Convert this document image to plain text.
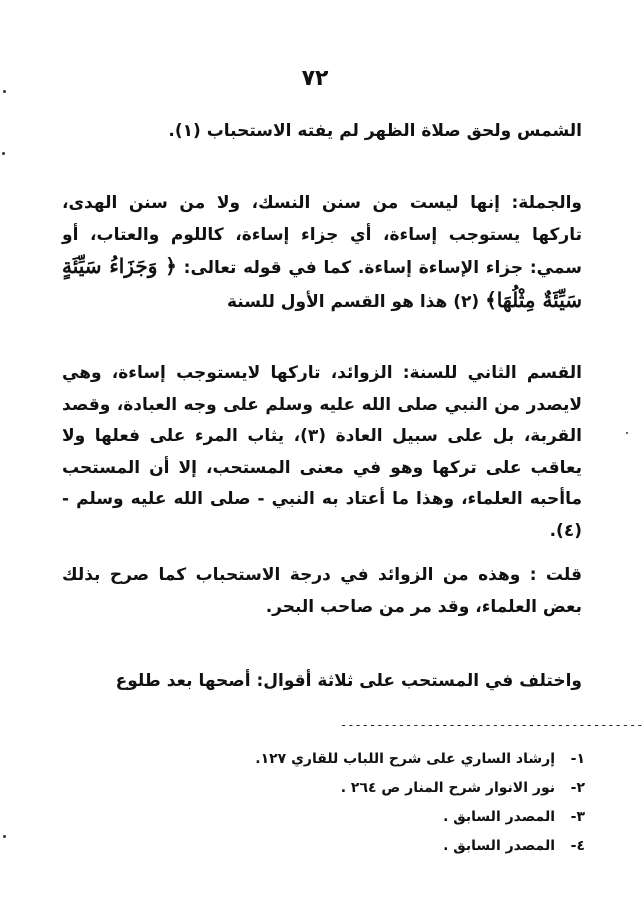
٧٢
الشمس ولحق صلاة الظهر لم يفته الاستحباب (١).
والجملة: إنها ليست من سنن النسك، ولا من سنن الهدى، تاركها يستوجب إساءة، أي جزاء إساءة، كاللوم والعتاب، أو سمي: جزاء الإساءة إساءة. كما في قوله تعالى: ﴿ وَجَزَاءُ سَيِّئَةٍ سَيِّئَةٌ مِثْلُهَا﴾ (٢) هذا هو القسم الأول للسنة
القسم الثاني للسنة: الزوائد، تاركها لايستوجب إساءة، وهي لايصدر من النبي صلى الله عليه وسلم على وجه العبادة، وقصد القربة، بل على سبيل العادة (٣)، يثاب المرء على فعلها ولا يعاقب على تركها وهو في معنى المستحب، إلا أن المستحب ماأحبه العلماء، وهذا ما أعتاد به النبي - صلى الله عليه وسلم - (٤).
قلت : وهذه من الزوائد في درجة الاستحباب كما صرح بذلك بعض العلماء، وقد مر من صاحب البحر.
واختلف في المستحب على ثلاثة أقوال: أصحها بعد طلوع
------------------------------------------
١-إرشاد الساري على شرح اللباب للقاري ١٢٧.
٢-نور الانوار شرح المنار ص ٢٦٤ .
٣-المصدر السابق .
٤-المصدر السابق .
